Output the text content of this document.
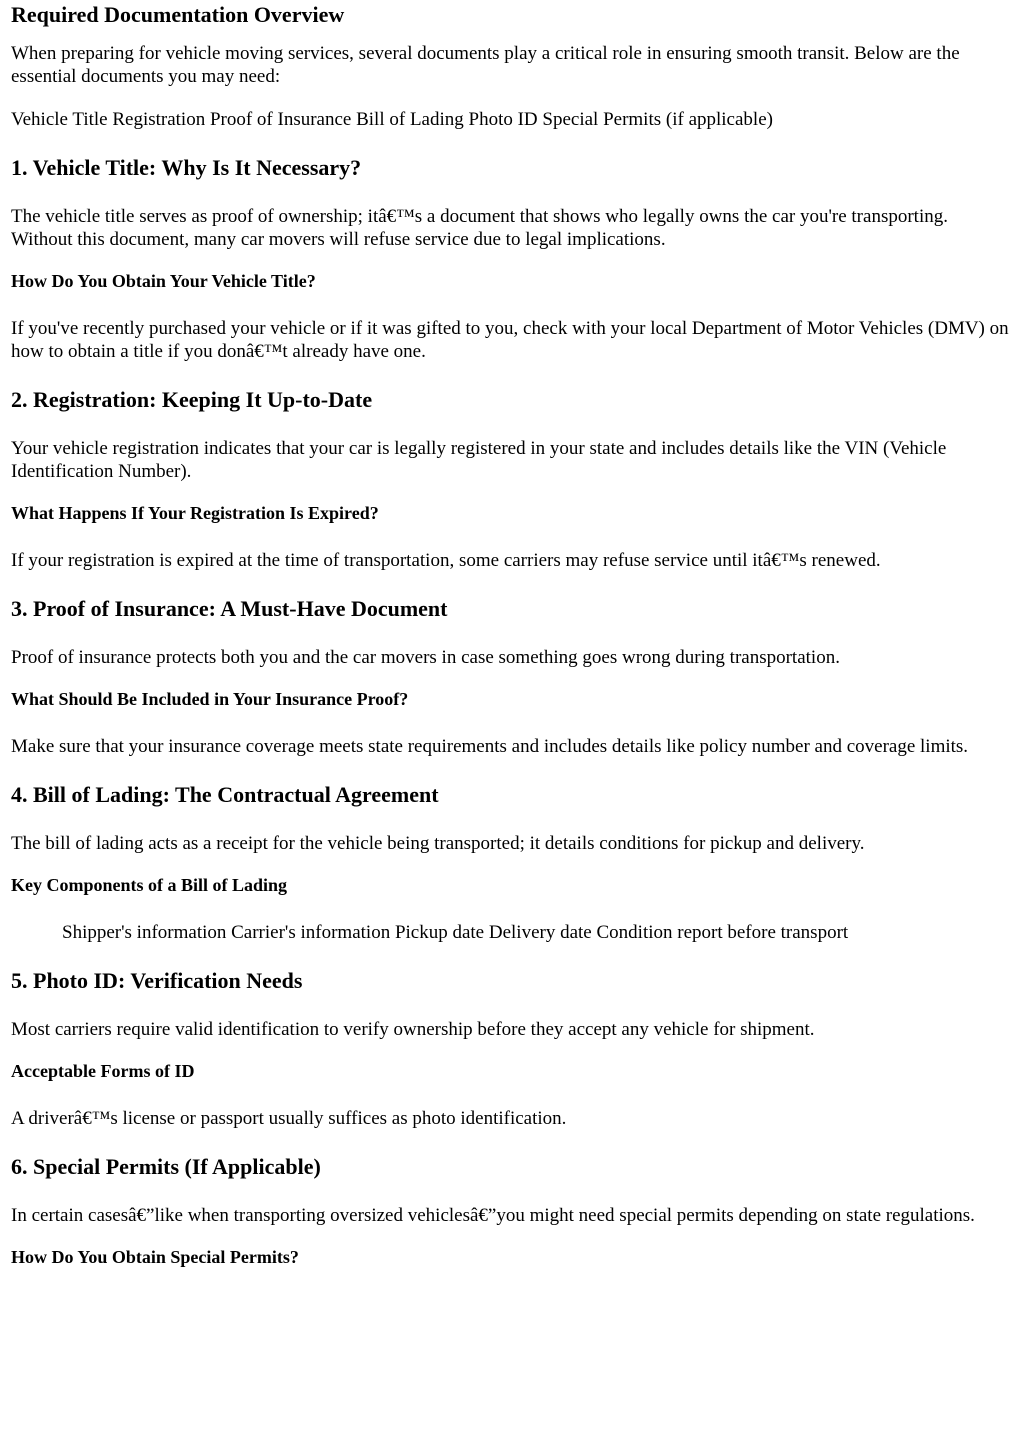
Required Documentation Overview

When preparing for vehicle moving services, several documents play a critical role in ensuring smooth transit. Below are the essential documents you may need:

Vehicle Title Registration Proof of Insurance Bill of Lading Photo ID Special Permits (if applicable)

1. Vehicle Title: Why Is It Necessary?

The vehicle title serves as proof of ownership; itâ€™s a document that shows who legally owns the car you're transporting. Without this document, many car movers will refuse service due to legal implications.

How Do You Obtain Your Vehicle Title?

If you've recently purchased your vehicle or if it was gifted to you, check with your local Department of Motor Vehicles (DMV) on how to obtain a title if you donâ€™t already have one.

2. Registration: Keeping It Up-to-Date

Your vehicle registration indicates that your car is legally registered in your state and includes details like the VIN (Vehicle Identification Number).

What Happens If Your Registration Is Expired?

If your registration is expired at the time of transportation, some carriers may refuse service until itâ€™s renewed.

3. Proof of Insurance: A Must-Have Document

Proof of insurance protects both you and the car movers in case something goes wrong during transportation.

What Should Be Included in Your Insurance Proof?

Make sure that your insurance coverage meets state requirements and includes details like policy number and coverage limits.

4. Bill of Lading: The Contractual Agreement

The bill of lading acts as a receipt for the vehicle being transported; it details conditions for pickup and delivery.

Key Components of a Bill of Lading

Shipper's information Carrier's information Pickup date Delivery date Condition report before transport

5. Photo ID: Verification Needs

Most carriers require valid identification to verify ownership before they accept any vehicle for shipment.

Acceptable Forms of ID

A driverâ€™s license or passport usually suffices as photo identification.

6. Special Permits (If Applicable)

In certain casesâ€”like when transporting oversized vehiclesâ€”you might need special permits depending on state regulations.

How Do You Obtain Special Permits?
